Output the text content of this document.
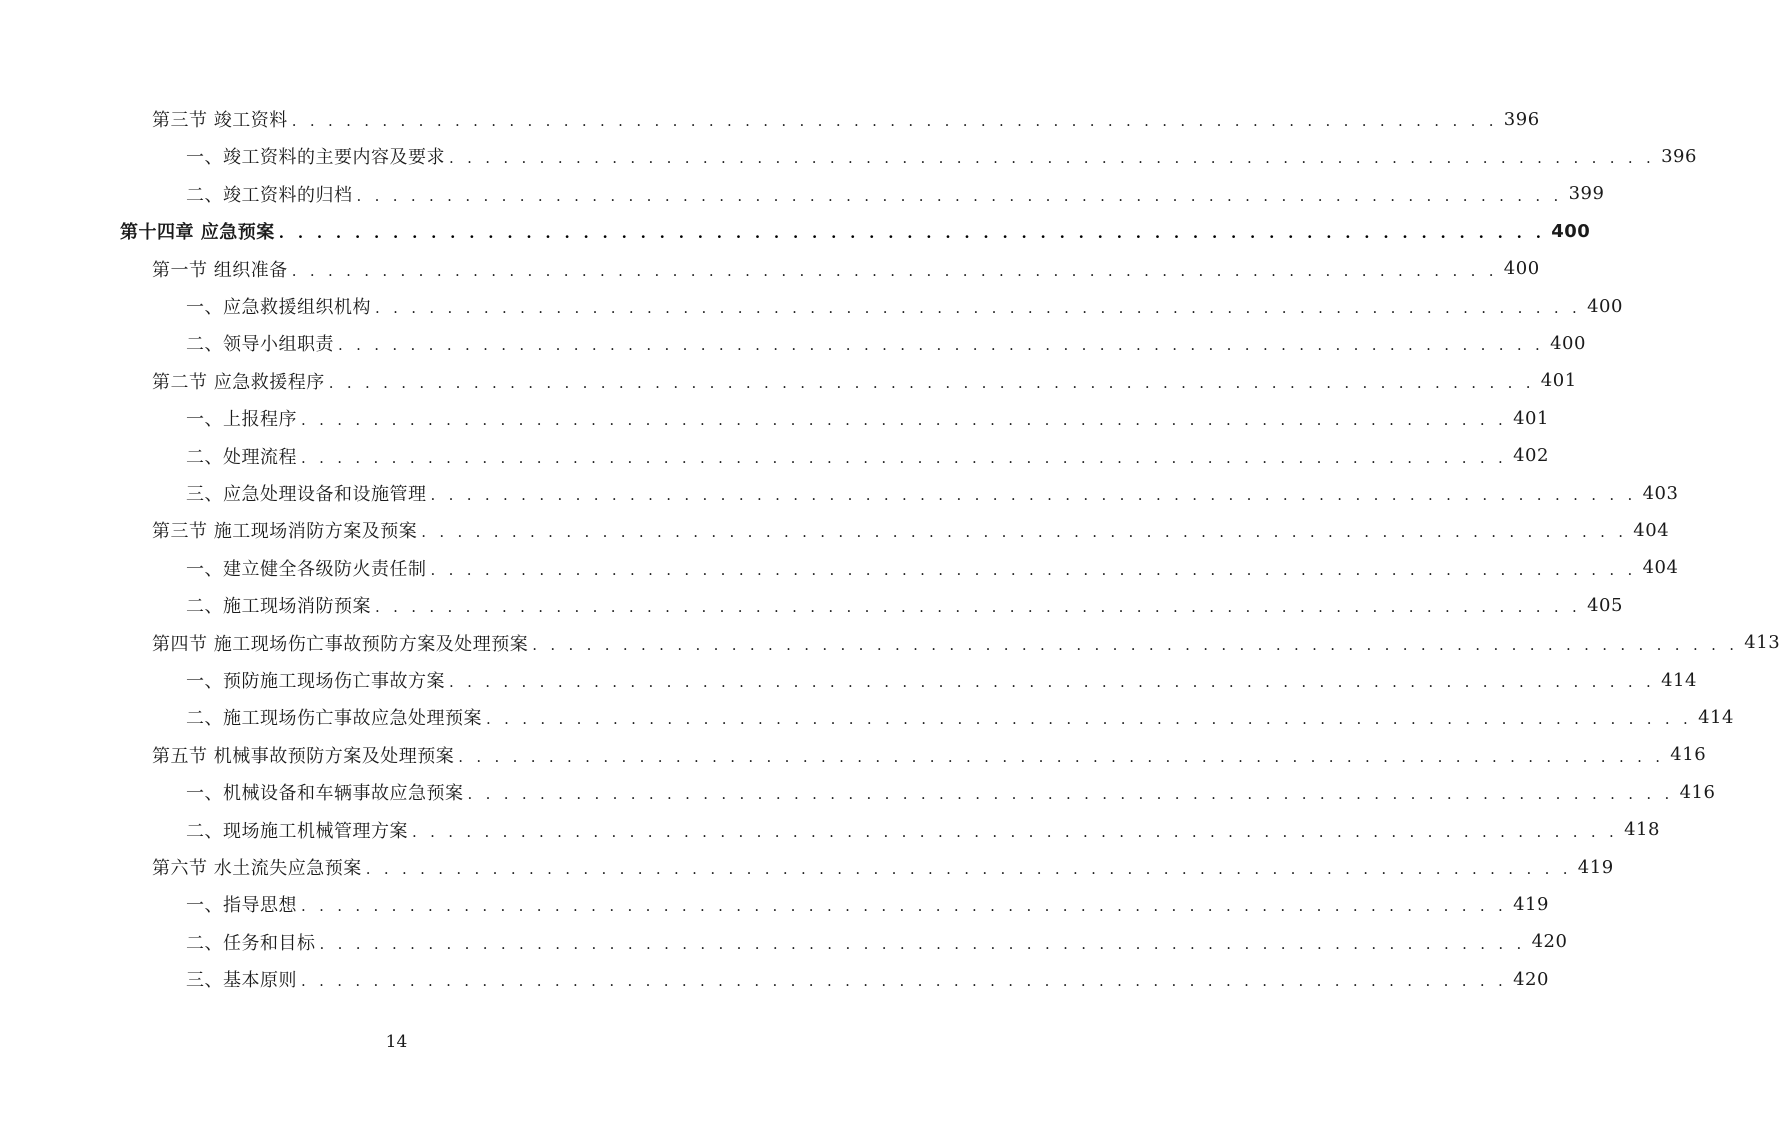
第三节 竣工资料 . . . . . . . . . . . . . . . . . . . . . . . . . . . . . . . . . . . . . . . . . . . . . . . . . . . . . . . . . . . . . . . . . . . 396
一、竣工资料的主要内容及要求 . . . . . . . . . . . . . . . . . . . . . . . . . . . . . . . . . . . . . . . . . . . . . . . . . . . . . . . . . . . . . . . . . . . 396
二、竣工资料的归档 . . . . . . . . . . . . . . . . . . . . . . . . . . . . . . . . . . . . . . . . . . . . . . . . . . . . . . . . . . . . . . . . . . . 399
第十四章 应急预案 . . . . . . . . . . . . . . . . . . . . . . . . . . . . . . . . . . . . . . . . . . . . . . . . . . . . . . . . . . . . . . . . . . . 400
第一节 组织准备 . . . . . . . . . . . . . . . . . . . . . . . . . . . . . . . . . . . . . . . . . . . . . . . . . . . . . . . . . . . . . . . . . . . 400
一、应急救援组织机构 . . . . . . . . . . . . . . . . . . . . . . . . . . . . . . . . . . . . . . . . . . . . . . . . . . . . . . . . . . . . . . . . . . . 400
二、领导小组职责 . . . . . . . . . . . . . . . . . . . . . . . . . . . . . . . . . . . . . . . . . . . . . . . . . . . . . . . . . . . . . . . . . . . 400
第二节 应急救援程序 . . . . . . . . . . . . . . . . . . . . . . . . . . . . . . . . . . . . . . . . . . . . . . . . . . . . . . . . . . . . . . . . . . . 401
一、上报程序 . . . . . . . . . . . . . . . . . . . . . . . . . . . . . . . . . . . . . . . . . . . . . . . . . . . . . . . . . . . . . . . . . . . 401
二、处理流程 . . . . . . . . . . . . . . . . . . . . . . . . . . . . . . . . . . . . . . . . . . . . . . . . . . . . . . . . . . . . . . . . . . . 402
三、应急处理设备和设施管理 . . . . . . . . . . . . . . . . . . . . . . . . . . . . . . . . . . . . . . . . . . . . . . . . . . . . . . . . . . . . . . . . . . . 403
第三节 施工现场消防方案及预案 . . . . . . . . . . . . . . . . . . . . . . . . . . . . . . . . . . . . . . . . . . . . . . . . . . . . . . . . . . . . . . . . . . . 404
一、建立健全各级防火责任制 . . . . . . . . . . . . . . . . . . . . . . . . . . . . . . . . . . . . . . . . . . . . . . . . . . . . . . . . . . . . . . . . . . . 404
二、施工现场消防预案 . . . . . . . . . . . . . . . . . . . . . . . . . . . . . . . . . . . . . . . . . . . . . . . . . . . . . . . . . . . . . . . . . . . 405
第四节 施工现场伤亡事故预防方案及处理预案 . . . . . . . . . . . . . . . . . . . . . . . . . . . . . . . . . . . . . . . . . . . . . . . . . . . . . . . . . . . . . . . . . . . 413
一、预防施工现场伤亡事故方案 . . . . . . . . . . . . . . . . . . . . . . . . . . . . . . . . . . . . . . . . . . . . . . . . . . . . . . . . . . . . . . . . . . . 414
二、施工现场伤亡事故应急处理预案 . . . . . . . . . . . . . . . . . . . . . . . . . . . . . . . . . . . . . . . . . . . . . . . . . . . . . . . . . . . . . . . . . . . 414
第五节 机械事故预防方案及处理预案 . . . . . . . . . . . . . . . . . . . . . . . . . . . . . . . . . . . . . . . . . . . . . . . . . . . . . . . . . . . . . . . . . . . 416
一、机械设备和车辆事故应急预案 . . . . . . . . . . . . . . . . . . . . . . . . . . . . . . . . . . . . . . . . . . . . . . . . . . . . . . . . . . . . . . . . . . . 416
二、现场施工机械管理方案 . . . . . . . . . . . . . . . . . . . . . . . . . . . . . . . . . . . . . . . . . . . . . . . . . . . . . . . . . . . . . . . . . . . 418
第六节 水土流失应急预案 . . . . . . . . . . . . . . . . . . . . . . . . . . . . . . . . . . . . . . . . . . . . . . . . . . . . . . . . . . . . . . . . . . . 419
一、指导思想 . . . . . . . . . . . . . . . . . . . . . . . . . . . . . . . . . . . . . . . . . . . . . . . . . . . . . . . . . . . . . . . . . . . 419
二、任务和目标 . . . . . . . . . . . . . . . . . . . . . . . . . . . . . . . . . . . . . . . . . . . . . . . . . . . . . . . . . . . . . . . . . . . 420
三、基本原则 . . . . . . . . . . . . . . . . . . . . . . . . . . . . . . . . . . . . . . . . . . . . . . . . . . . . . . . . . . . . . . . . . . . 420
14
